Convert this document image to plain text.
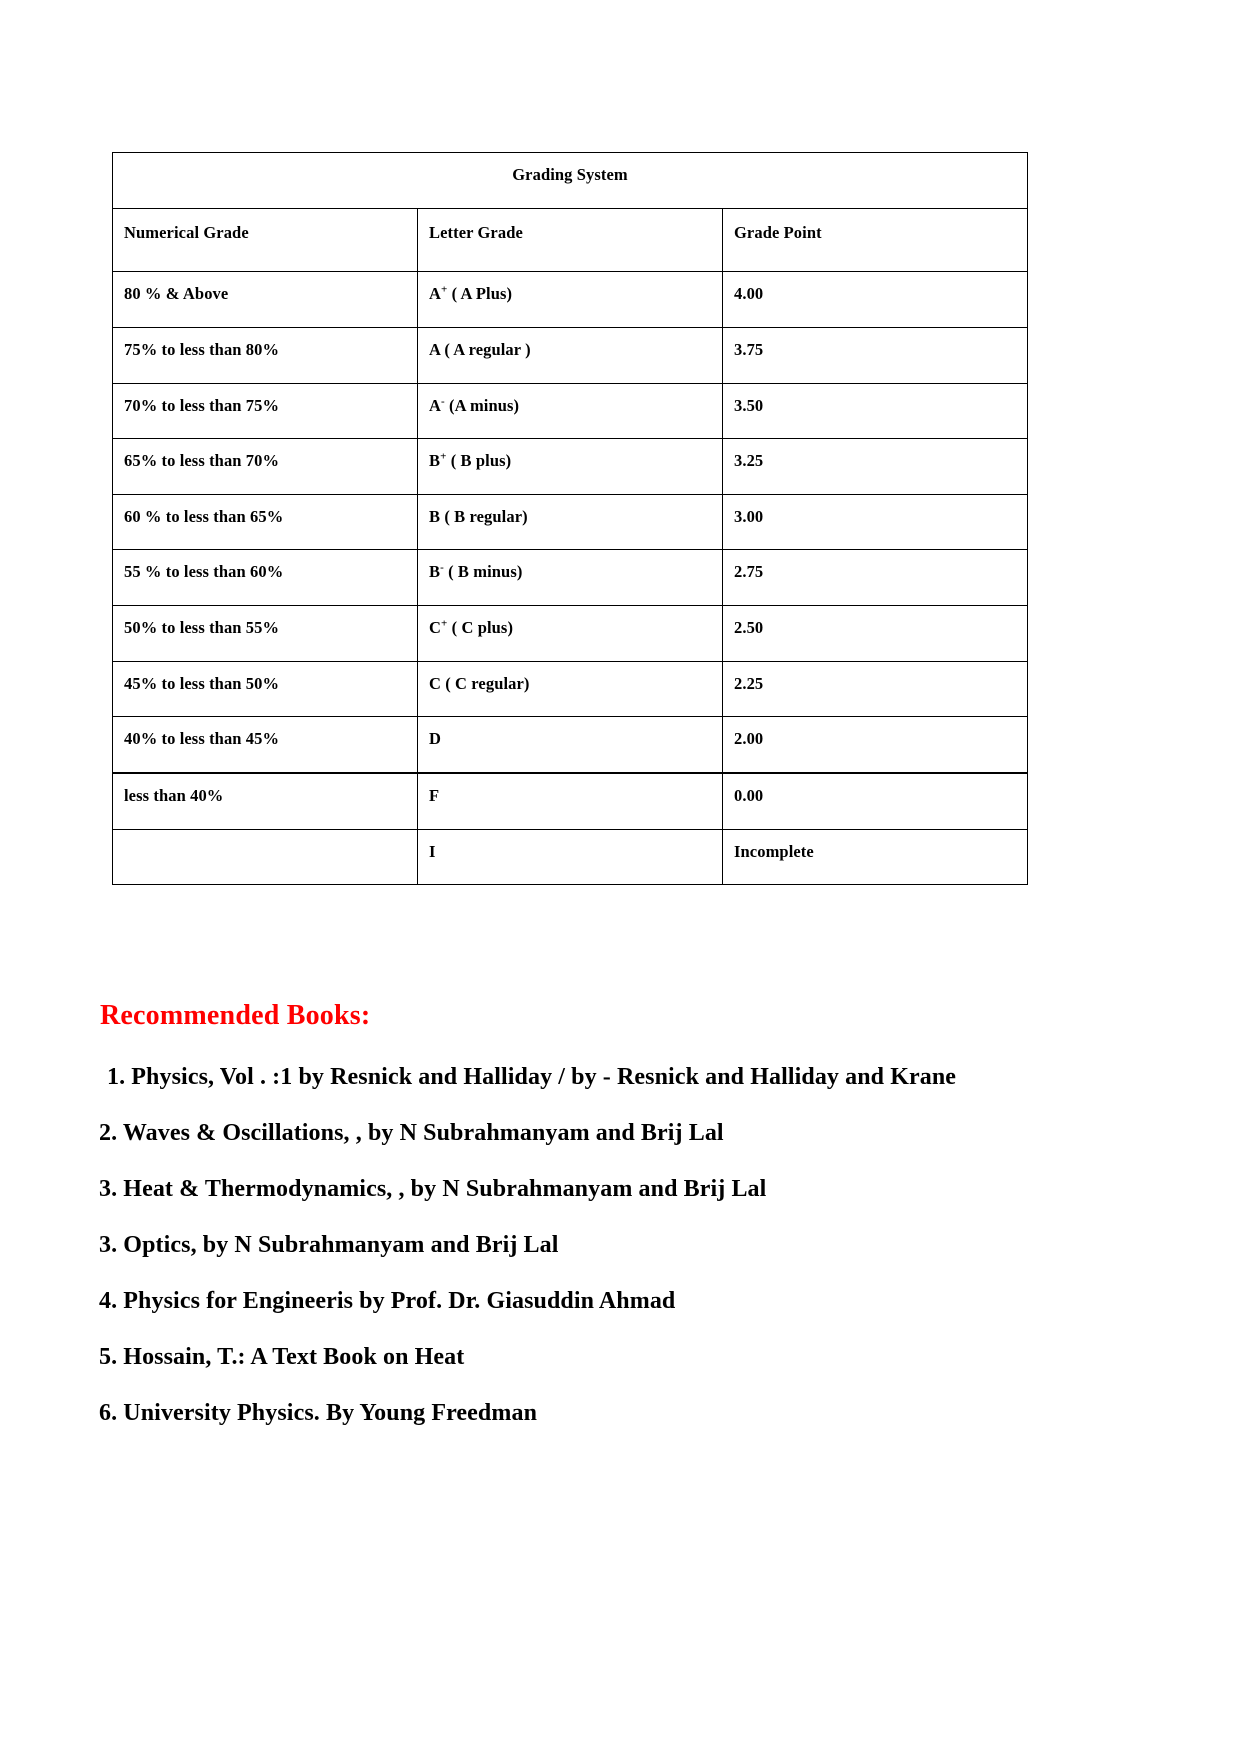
Grading System		
Numerical Grade	Letter Grade	Grade Point
80 % & Above	A+ ( A Plus)	4.00
75% to less than 80%	A ( A regular )	3.75
70% to less than 75%	A- (A minus)	3.50
65% to less than 70%	B+ ( B plus)	3.25
60 % to less than 65%	B ( B regular)	3.00
55 % to less than 60%	B- ( B minus)	2.75
50% to less than 55%	C+ ( C plus)	2.50
45% to less than 50%	C ( C regular)	2.25
40% to less than 45%	D	2.00
less than 40%	F	0.00
	I	Incomplete
Recommended Books:
1. Physics, Vol . :1 by Resnick and Halliday / by - Resnick and Halliday and Krane
2. Waves & Oscillations, , by N Subrahmanyam and Brij Lal
3. Heat & Thermodynamics, , by N Subrahmanyam and Brij Lal
3. Optics, by N Subrahmanyam and Brij Lal
4. Physics for Engineeris by Prof. Dr. Giasuddin Ahmad
5. Hossain, T.: A Text Book on Heat
6. University Physics. By Young Freedman
